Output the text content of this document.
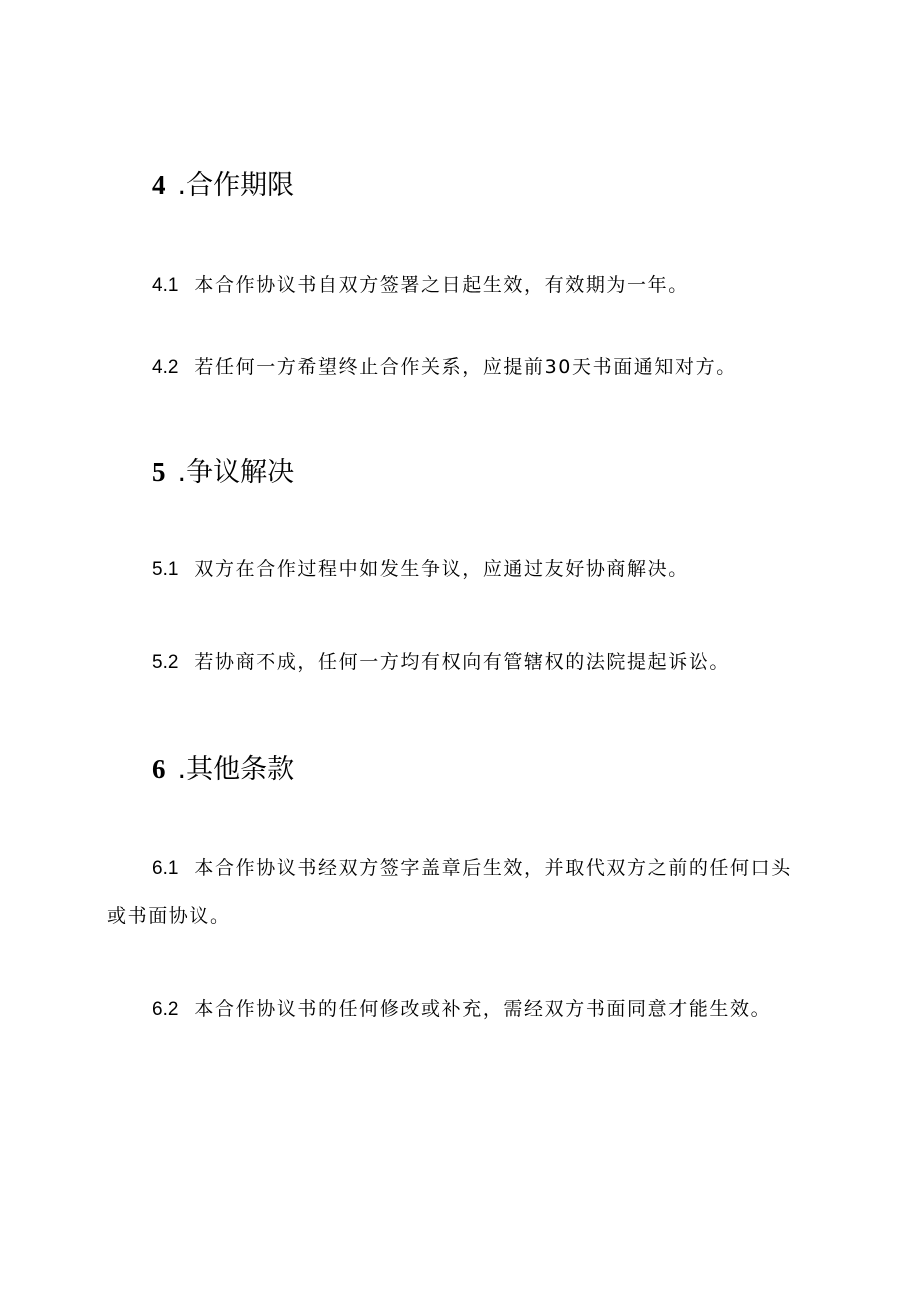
4 .合作期限
4.1 本合作协议书自双方签署之日起生效，有效期为一年。
4.2 若任何一方希望终止合作关系，应提前30天书面通知对方。
5 .争议解决
5.1 双方在合作过程中如发生争议，应通过友好协商解决。
5.2 若协商不成，任何一方均有权向有管辖权的法院提起诉讼。
6 .其他条款
6.1 本合作协议书经双方签字盖章后生效，并取代双方之前的任何口头
或书面协议。
6.2 本合作协议书的任何修改或补充，需经双方书面同意才能生效。
